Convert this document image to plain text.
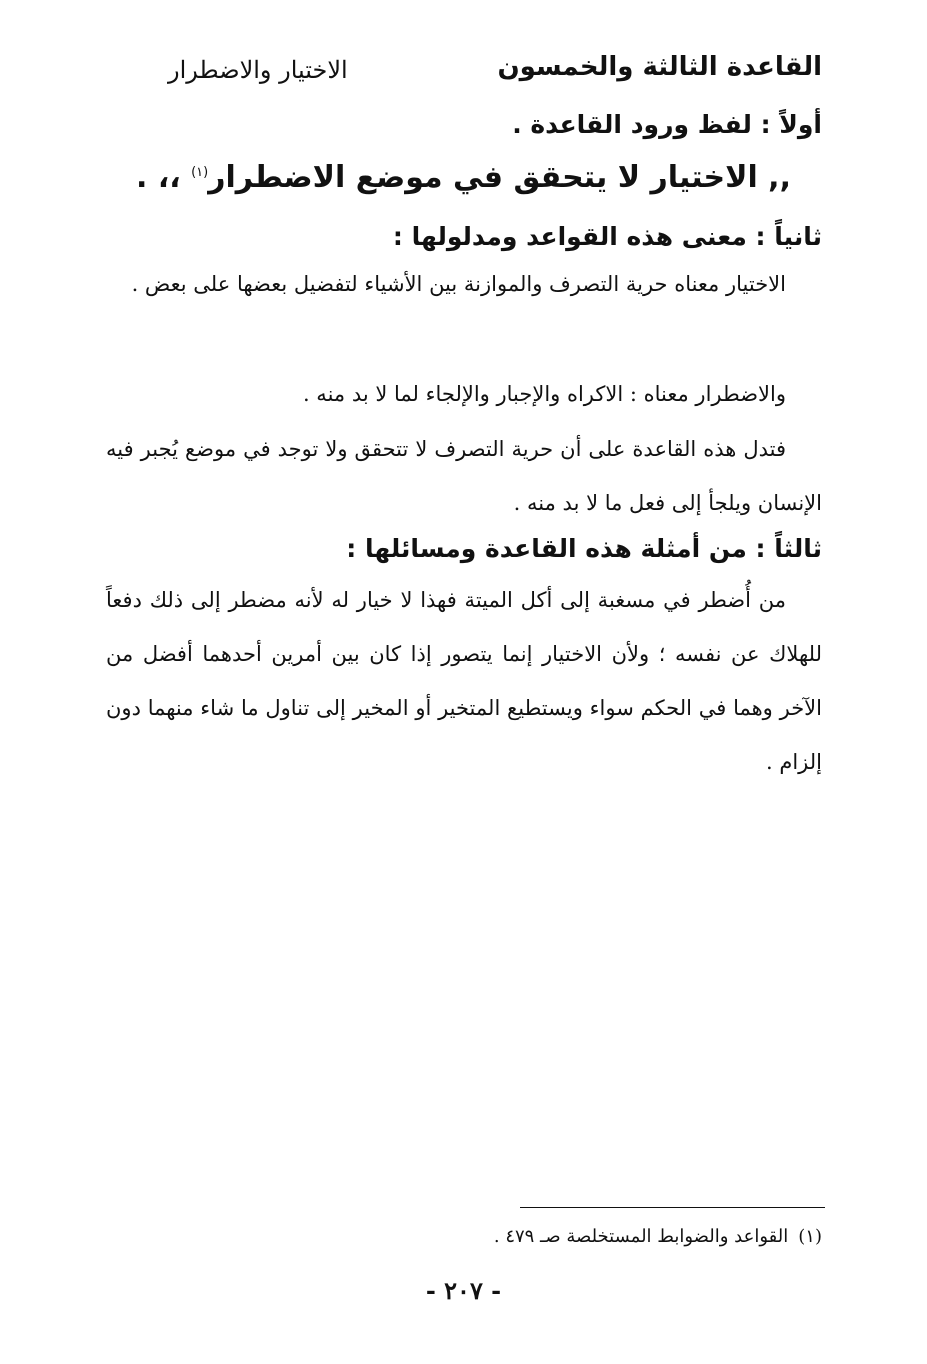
القاعدة الثالثة والخمسون
الاختيار والاضطرار
أولاً : لفظ ورود القاعدة .
,, الاختيار لا يتحقق في موضع الاضطرار$^{(١)}$ ،، .
ثانياً : معنى هذه القواعد ومدلولها :

الاختيار معناه حرية التصرف والموازنة بين الأشياء لتفضيل بعضها على بعض .

والاضطرار معناه : الاكراه والإجبار والإلجاء لما لا بد منه .

فتدل هذه القاعدة على أن حرية التصرف لا تتحقق ولا توجد في موضع يُجبر فيه الإنسان ويلجأ إلى فعل ما لا بد منه .

ثالثاً : من أمثلة هذه القاعدة ومسائلها :

من أُضطر في مسغبة إلى أكل الميتة فهذا لا خيار له لأنه مضطر إلى ذلك دفعاً للهلاك عن نفسه ؛ ولأن الاختيار إنما يتصور إذا كان بين أمرين أحدهما أفضل من الآخر وهما في الحكم سواء ويستطيع المتخير أو المخير إلى تناول ما شاء منهما دون إلزام .

(١)القواعد والضوابط المستخلصة صـ ٤٧٩ .
- ٢٠٧ -
